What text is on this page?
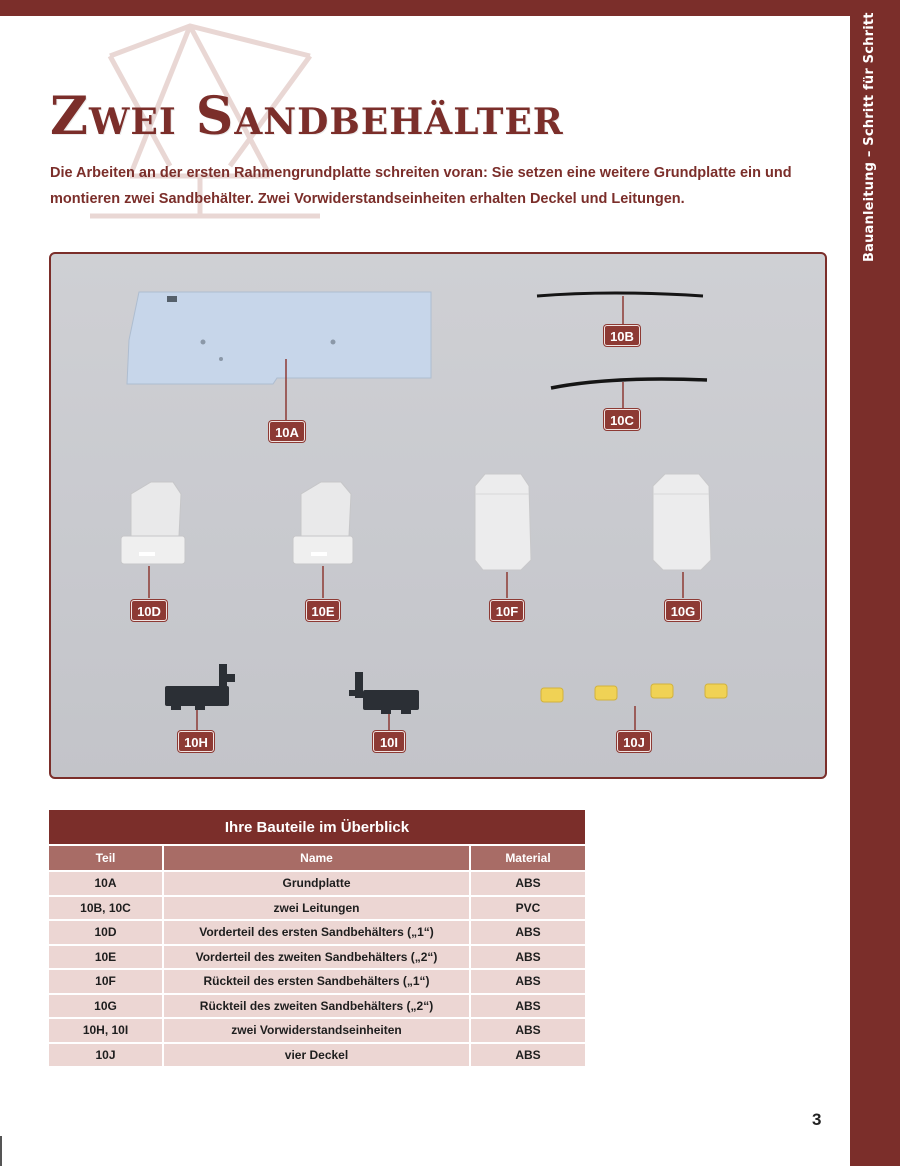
Bauanleitung – Schritt für Schritt
Zwei Sandbehälter

Die Arbeiten an der ersten Rahmengrundplatte schreiten voran: Sie setzen eine weitere Grundplatte ein und montieren zwei Sandbehälter. Zwei Vorwiderstandseinheiten erhalten Deckel und Leitungen.

10A
10B
10C
10D	10E	10F	10G
10H	10I	10J
Ihre Bauteile im Überblick		
Teil	Name	Material
10A	Grundplatte	ABS
10B, 10C	zwei Leitungen	PVC
10D	Vorderteil des ersten Sandbehälters („1“)	ABS
10E	Vorderteil des zweiten Sandbehälters („2“)	ABS
10F	Rückteil des ersten Sandbehälters („1“)	ABS
10G	Rückteil des zweiten Sandbehälters („2“)	ABS
10H, 10I	zwei Vorwiderstandseinheiten	ABS
10J	vier Deckel	ABS
3
